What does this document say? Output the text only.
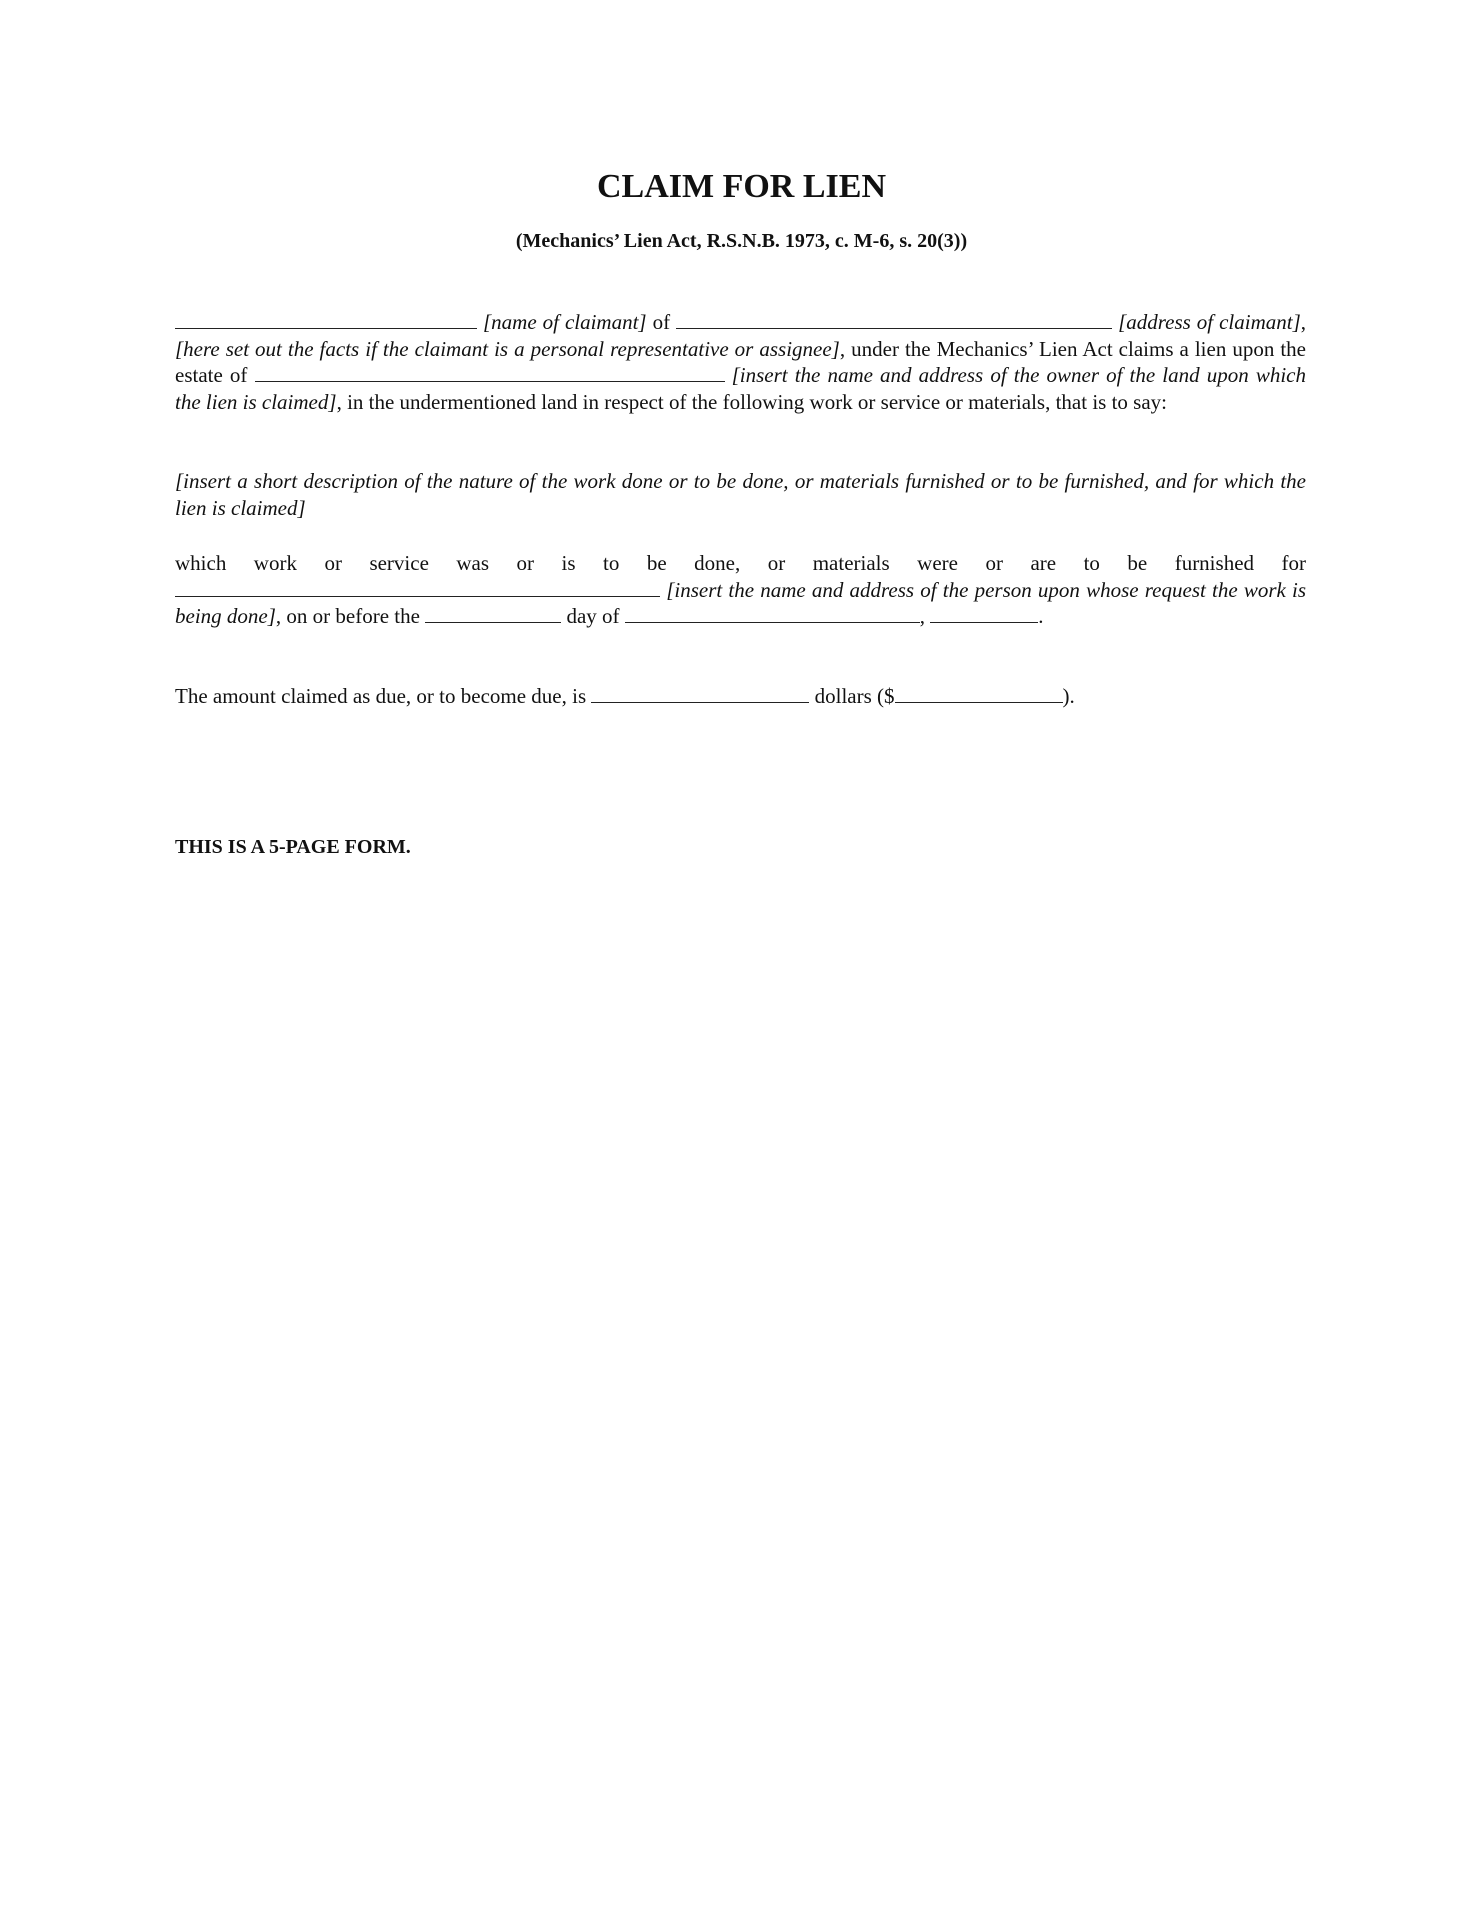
CLAIM FOR LIEN
(Mechanics’ Lien Act, R.S.N.B. 1973, c. M-6, s. 20(3))
[name of claimant] of	[address of claimant], [here set out the facts if the claimant is a personal representative or assignee], under the Mechanics’ Lien Act claims a lien upon the estate of	[insert the name and address of the owner of the land upon which the lien is claimed], in the undermentioned land in respect of the following work or service or materials, that is to say:
[insert a short description of the nature of the work done or to be done, or materials furnished or to be furnished, and for which the lien is claimed]
which work or service was or is to be done, or materials were or are to be furnished for  [insert the name and address of the person upon whose request the work is being done], on or before the	day of	,	.
The amount claimed as due, or to become due, is	dollars ($	).
THIS IS A 5-PAGE FORM.
